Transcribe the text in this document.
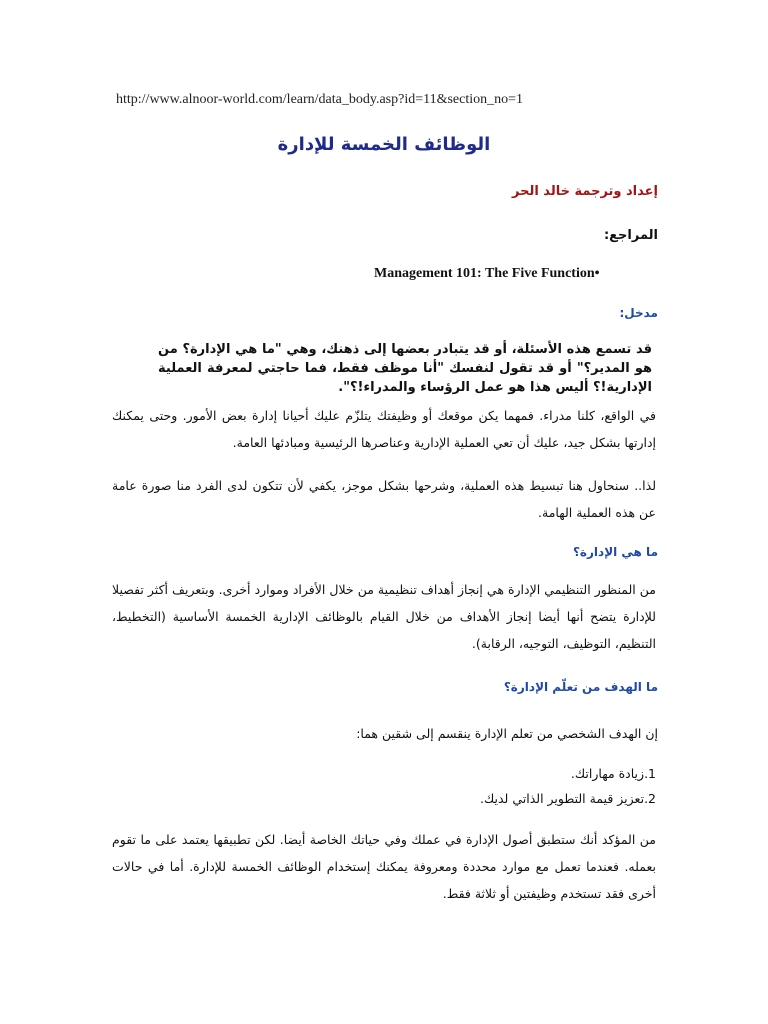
http://www.alnoor-world.com/learn/data_body.asp?id=11&section_no=1
الوظائف الخمسة للإدارة
إعداد وترجمة خالد الحر
المراجع:
Management 101: The Five Function•
مدخل:
قد تسمع هذه الأسئلة، أو قد يتبادر بعضها إلى ذهنك، وهي "ما هي الإدارة؟ من هو المدير؟" أو قد تقول لنفسك "أنا موظف فقط، فما حاجتي لمعرفة العملية الإدارية!؟ أليس هذا هو عمل الرؤساء والمدراء!؟".
في الواقع، كلنا مدراء. فمهما يكن موقعك أو وظيفتك يتلزّم عليك أحيانا إدارة بعض الأمور. وحتى يمكنك إدارتها بشكل جيد، عليك أن تعي العملية الإدارية وعناصرها الرئيسية ومبادئها العامة.
لذا.. سنحاول هنا تبسيط هذه العملية، وشرحها بشكل موجز، يكفي لأن تتكون لدى الفرد منا صورة عامة عن هذه العملية الهامة.
ما هي الإدارة؟
من المنظور التنظيمي الإدارة هي إنجاز أهداف تنظيمية من خلال الأفراد وموارد أخرى. وبتعريف أكثر تفصيلا للإدارة يتضح أنها أيضا إنجاز الأهداف من خلال القيام بالوظائف الإدارية الخمسة الأساسية (التخطيط، التنظيم، التوظيف، التوجيه، الرقابة).
ما الهدف من تعلّم الإدارة؟
إن الهدف الشخصي من تعلم الإدارة ينقسم إلى شقين هما:
1.زيادة مهاراتك.
2.تعزيز قيمة التطوير الذاتي لديك.
من المؤكد أنك ستطبق أصول الإدارة في عملك وفي حياتك الخاصة أيضا. لكن تطبيقها يعتمد على ما تقوم بعمله. فعندما تعمل مع موارد محددة ومعروفة يمكنك إستخدام الوظائف الخمسة للإدارة. أما في حالات أخرى فقد تستخدم وظيفتين أو ثلاثة فقط.
